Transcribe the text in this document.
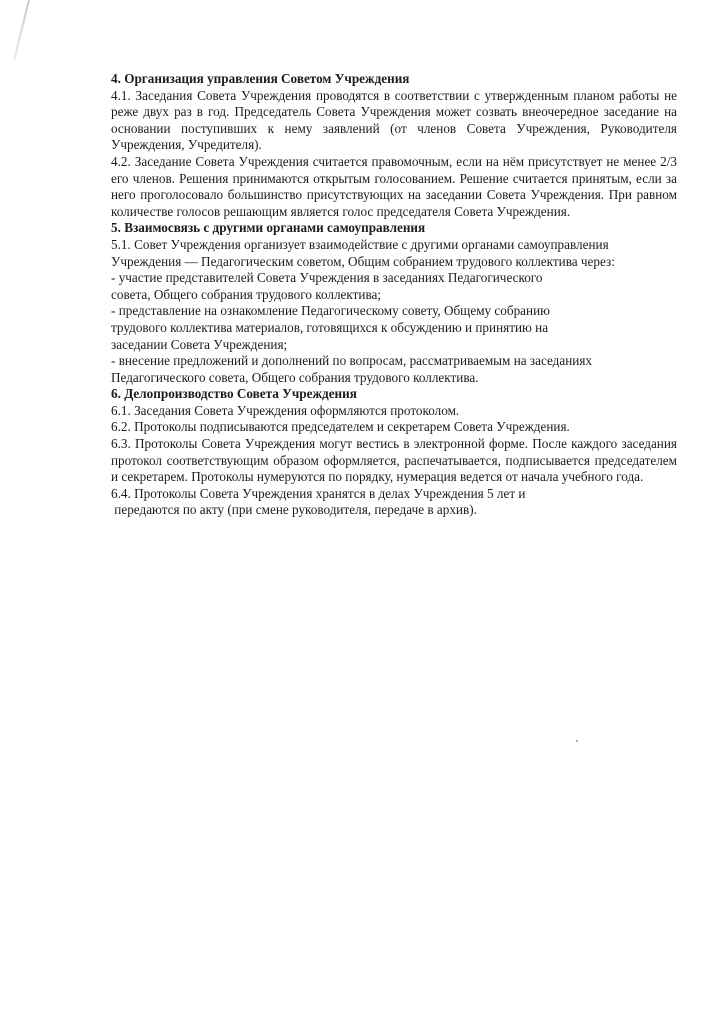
4. Организация управления Советом Учреждения

4.1. Заседания Совета Учреждения проводятся в соответствии с утвержденным планом работы не реже двух раз в год. Председатель Совета Учреждения может созвать внеочередное заседание на основании поступивших к нему заявлений (от членов Совета Учреждения, Руководителя Учреждения, Учредителя).

4.2. Заседание Совета Учреждения считается правомочным, если на нём присутствует не менее 2/3 его членов. Решения принимаются открытым голосованием. Решение считается принятым, если за него проголосовало большинство присутствующих на заседании Совета Учреждения. При равном количестве голосов решающим является голос председателя Совета Учреждения.

5. Взаимосвязь с другими органами самоуправления

5.1. Совет Учреждения организует взаимодействие с другими органами самоуправления

Учреждения — Педагогическим советом, Общим собранием трудового коллектива через:

- участие представителей Совета Учреждения в заседаниях Педагогического

совета, Общего собрания трудового коллектива;

- представление на ознакомление Педагогическому совету, Общему собранию

трудового коллектива материалов, готовящихся к обсуждению и принятию на

заседании Совета Учреждения;

- внесение предложений и дополнений по вопросам, рассматриваемым на заседаниях

Педагогического совета, Общего собрания трудового коллектива.

6. Делопроизводство Совета Учреждения

6.1. Заседания Совета Учреждения оформляются протоколом.

6.2. Протоколы подписываются председателем и секретарем Совета Учреждения.

6.3. Протоколы Совета Учреждения могут вестись в электронной форме. После каждого заседания протокол соответствующим образом оформляется, распечатывается, подписывается председателем и секретарем. Протоколы нумеруются по порядку, нумерация ведется от начала учебного года.

6.4. Протоколы Совета Учреждения хранятся в делах Учреждения 5 лет и

передаются по акту (при смене руководителя, передаче в архив).
